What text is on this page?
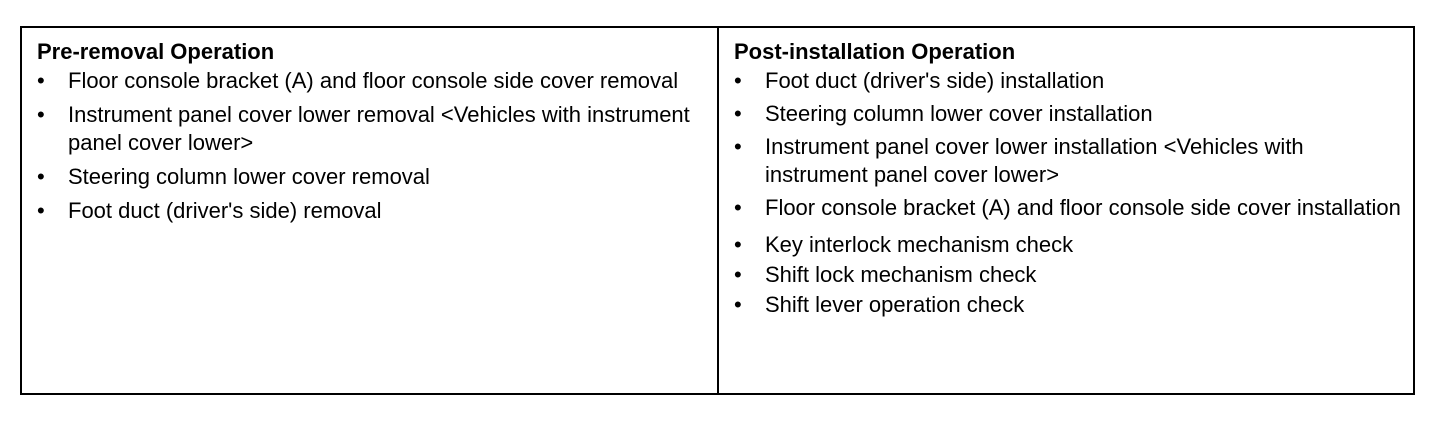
Pre-removal Operation
• Floor console bracket (A) and floor console side cover removal
• Instrument panel cover lower removal <Vehicles with instrument panel cover lower>
• Steering column lower cover removal
• Foot duct (driver's side) removal
Post-installation Operation
• Foot duct (driver's side) installation
• Steering column lower cover installation
• Instrument panel cover lower installation <Vehicles with instrument panel cover lower>
• Floor console bracket (A) and floor console side cover installation
• Key interlock mechanism check
• Shift lock mechanism check
• Shift lever operation check
